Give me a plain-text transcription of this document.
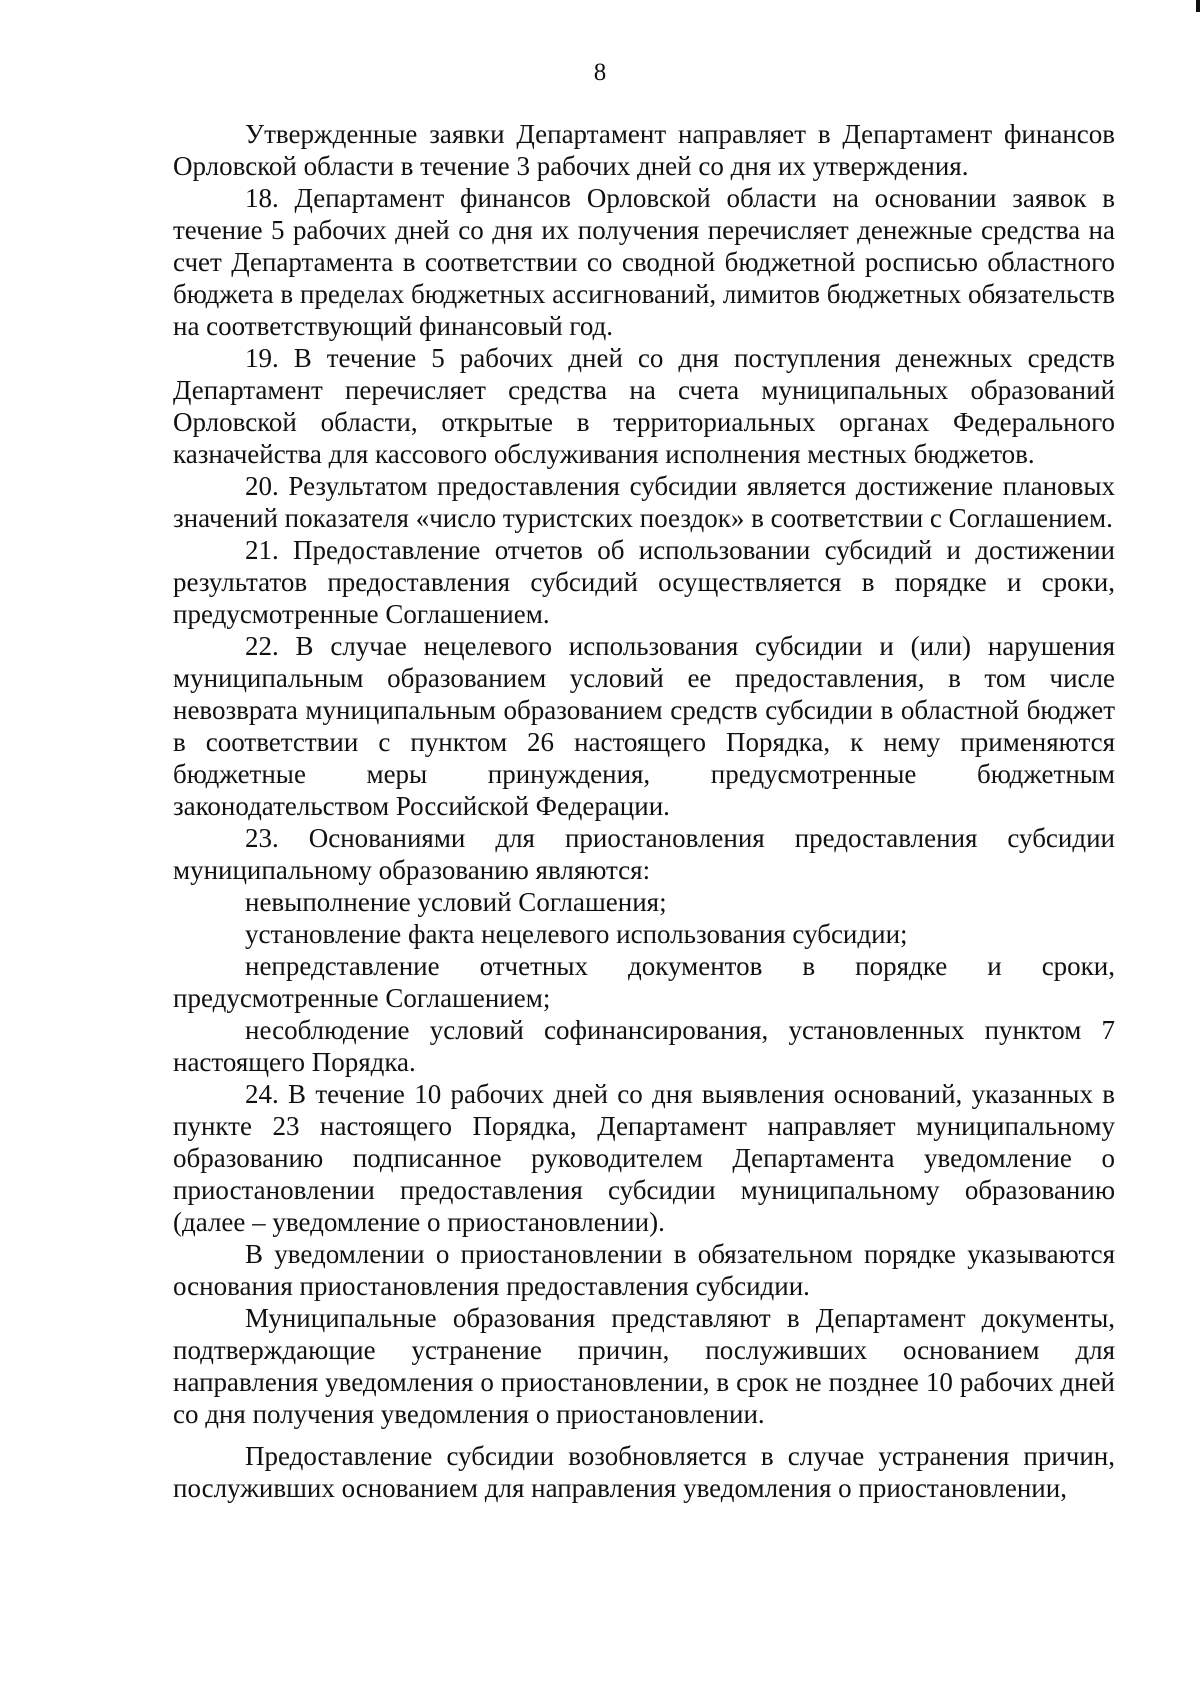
8

Утвержденные заявки Департамент направляет в Департамент финансов Орловской области в течение 3 рабочих дней со дня их утверждения.

18. Департамент финансов Орловской области на основании заявок в течение 5 рабочих дней со дня их получения перечисляет денежные средства на счет Департамента в соответствии со сводной бюджетной росписью областного бюджета в пределах бюджетных ассигнований, лимитов бюджетных обязательств на соответствующий финансовый год.

19. В течение 5 рабочих дней со дня поступления денежных средств Департамент перечисляет средства на счета муниципальных образований Орловской области, открытые в территориальных органах Федерального казначейства для кассового обслуживания исполнения местных бюджетов.

20. Результатом предоставления субсидии является достижение плановых значений показателя «число туристских поездок» в соответствии с Соглашением.

21. Предоставление отчетов об использовании субсидий и достижении результатов предоставления субсидий осуществляется в порядке и сроки, предусмотренные Соглашением.

22. В случае нецелевого использования субсидии и (или) нарушения муниципальным образованием условий ее предоставления, в том числе невозврата муниципальным образованием средств субсидии в областной бюджет в соответствии с пунктом 26 настоящего Порядка, к нему применяются бюджетные меры принуждения, предусмотренные бюджетным законодательством Российской Федерации.

23. Основаниями для приостановления предоставления субсидии муниципальному образованию являются:

невыполнение условий Соглашения;

установление факта нецелевого использования субсидии;

непредставление отчетных документов в порядке и сроки, предусмотренные Соглашением;

несоблюдение условий софинансирования, установленных пунктом 7 настоящего Порядка.

24. В течение 10 рабочих дней со дня выявления оснований, указанных в пункте 23 настоящего Порядка, Департамент направляет муниципальному образованию подписанное руководителем Департамента уведомление о приостановлении предоставления субсидии муниципальному образованию (далее – уведомление о приостановлении).

В уведомлении о приостановлении в обязательном порядке указываются основания приостановления предоставления субсидии.

Муниципальные образования представляют в Департамент документы, подтверждающие устранение причин, послуживших основанием для направления уведомления о приостановлении, в срок не позднее 10 рабочих дней со дня получения уведомления о приостановлении.

Предоставление субсидии возобновляется в случае устранения причин, послуживших основанием для направления уведомления о приостановлении,
